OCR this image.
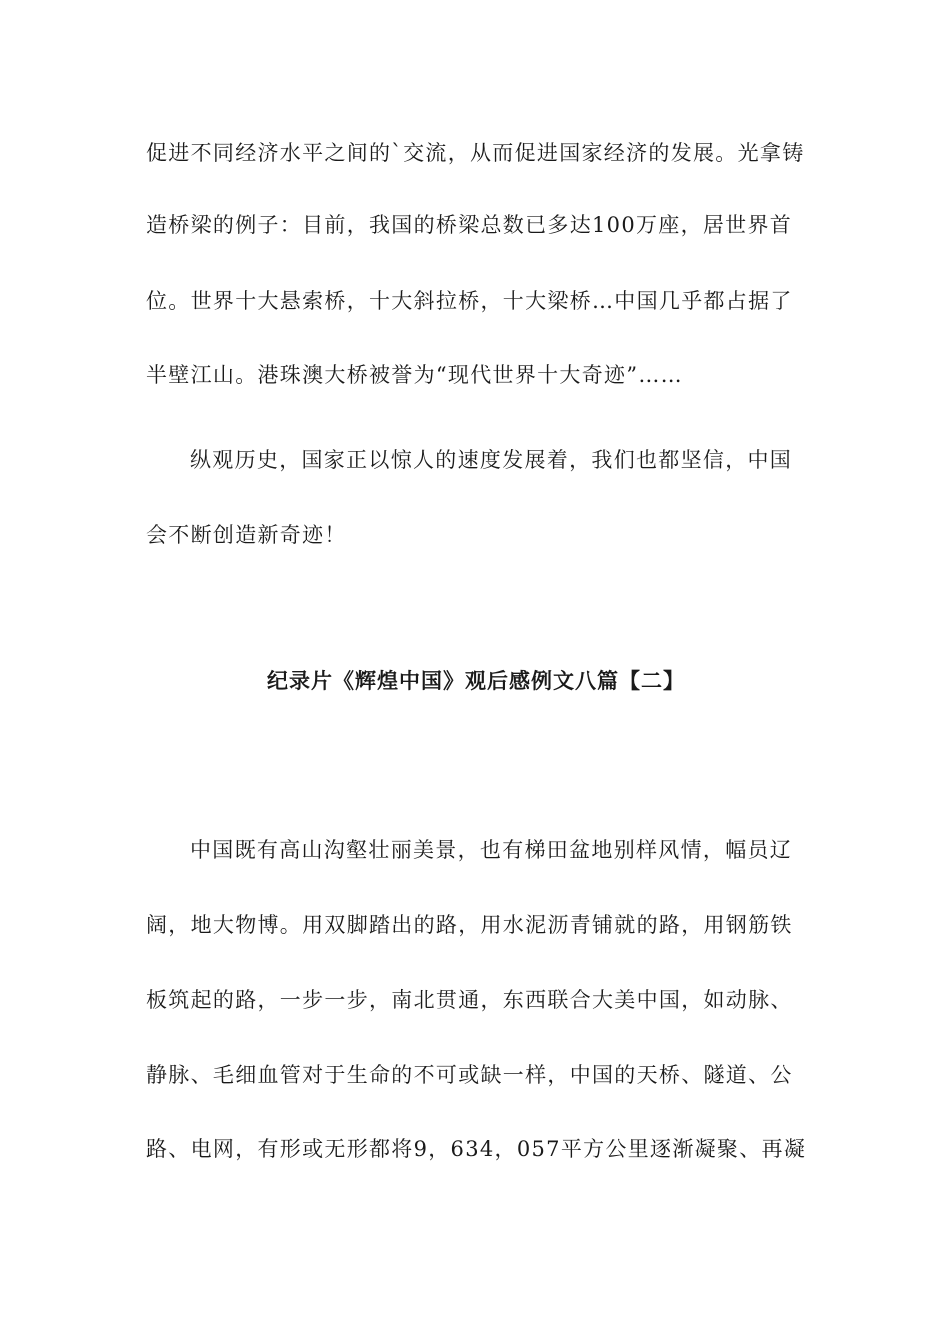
促进不同经济水平之间的`交流，从而促进国家经济的发展。光拿铸
造桥梁的例子：目前，我国的桥梁总数已多达100万座，居世界首
位。世界十大悬索桥，十大斜拉桥，十大梁桥…中国几乎都占据了
半壁江山。港珠澳大桥被誉为“现代世界十大奇迹”……
纵观历史，国家正以惊人的速度发展着，我们也都坚信，中国
会不断创造新奇迹！
纪录片《辉煌中国》观后感例文八篇【二】
中国既有高山沟壑壮丽美景，也有梯田盆地别样风情，幅员辽
阔，地大物博。用双脚踏出的路，用水泥沥青铺就的路，用钢筋铁
板筑起的路，一步一步，南北贯通，东西联合大美中国，如动脉、
静脉、毛细血管对于生命的不可或缺一样，中国的天桥、隧道、公
路、电网，有形或无形都将9，634，057平方公里逐渐凝聚、再凝
